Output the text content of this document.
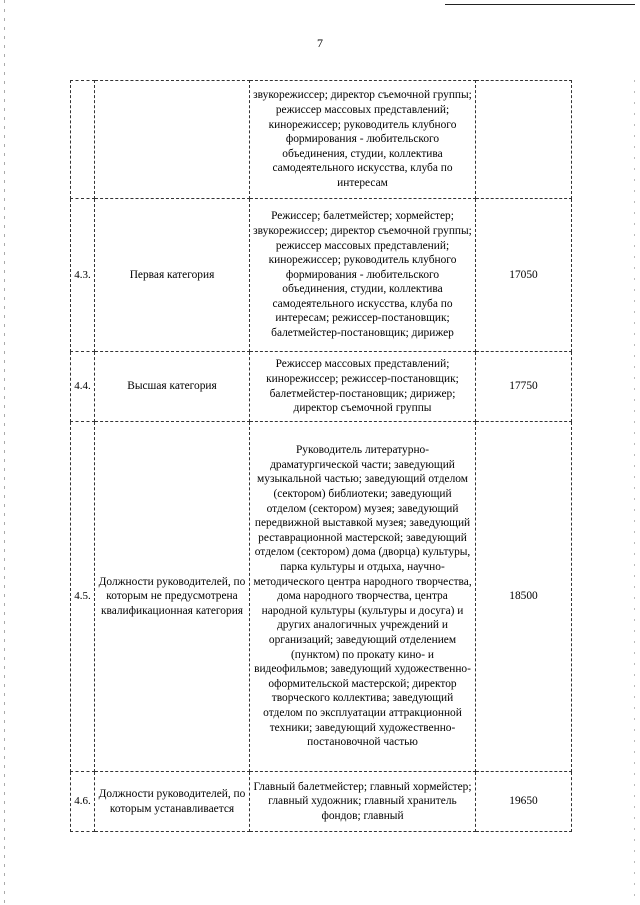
7
		звукорежиссер; директор съемочной группы; режиссер массовых представлений; кинорежиссер; руководитель клубного формирования - любительского объединения, студии, коллектива самодеятельного искусства, клуба по интересам	
4.3.	Первая категория	Режиссер; балетмейстер; хормейстер; звукорежиссер; директор съемочной группы; режиссер массовых представлений; кинорежиссер; руководитель клубного формирования - любительского объединения, студии, коллектива самодеятельного искусства, клуба по интересам; режиссер-постановщик; балетмейстер-постановщик; дирижер	17050
4.4.	Высшая категория	Режиссер массовых представлений; кинорежиссер; режиссер-постановщик; балетмейстер-постановщик; дирижер; директор съемочной группы	17750
4.5.	Должности руководителей, по которым не предусмотрена квалификационная категория	Руководитель литературно-драматургической части; заведующий музыкальной частью; заведующий отделом (сектором) библиотеки; заведующий отделом (сектором) музея; заведующий передвижной выставкой музея; заведующий реставрационной мастерской; заведующий отделом (сектором) дома (дворца) культуры, парка культуры и отдыха, научно-методического центра народного творчества, дома народного творчества, центра народной культуры (культуры и досуга) и других аналогичных учреждений и организаций; заведующий отделением (пунктом) по прокату кино- и видеофильмов; заведующий художественно-оформительской мастерской; директор творческого коллектива; заведующий отделом по эксплуатации аттракционной техники; заведующий художественно-постановочной частью	18500
4.6.	Должности руководителей, по которым устанавливается	Главный балетмейстер; главный хормейстер; главный художник; главный хранитель фондов; главный	19650
